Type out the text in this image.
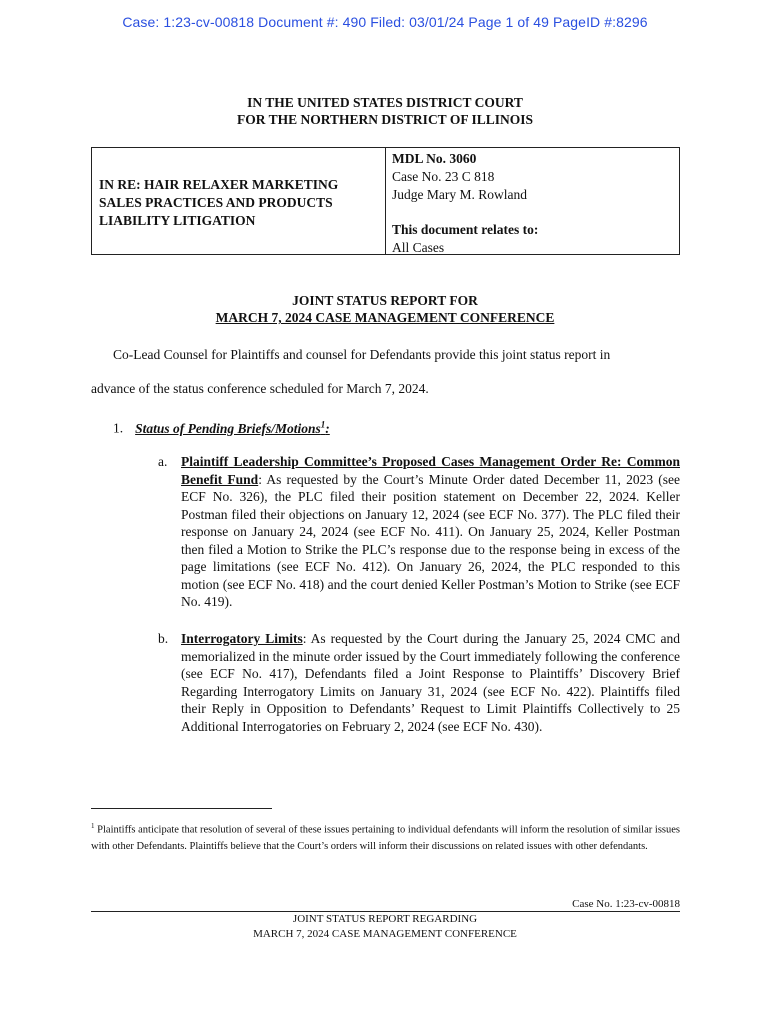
Case: 1:23-cv-00818 Document #: 490 Filed: 03/01/24 Page 1 of 49 PageID #:8296
IN THE UNITED STATES DISTRICT COURT
FOR THE NORTHERN DISTRICT OF ILLINOIS
IN RE: HAIR RELAXER MARKETING
SALES PRACTICES AND PRODUCTS
LIABILITY LITIGATION
MDL No. 3060
Case No. 23 C 818
Judge Mary M. Rowland
This document relates to:
All Cases
JOINT STATUS REPORT FOR
MARCH 7, 2024 CASE MANAGEMENT CONFERENCE
Co-Lead Counsel for Plaintiffs and counsel for Defendants provide this joint status report in
advance of the status conference scheduled for March 7, 2024.
1. Status of Pending Briefs/Motions$^1$:
a. Plaintiff Leadership Committee’s Proposed Cases Management Order Re: Common Benefit Fund: As requested by the Court’s Minute Order dated December 11, 2023 (see ECF No. 326), the PLC filed their position statement on December 22, 2024. Keller Postman filed their objections on January 12, 2024 (see ECF No. 377). The PLC filed their response on January 24, 2024 (see ECF No. 411). On January 25, 2024, Keller Postman then filed a Motion to Strike the PLC’s response due to the response being in excess of the page limitations (see ECF No. 412). On January 26, 2024, the PLC responded to this motion (see ECF No. 418) and the court denied Keller Postman’s Motion to Strike (see ECF No. 419).
b. Interrogatory Limits: As requested by the Court during the January 25, 2024 CMC and memorialized in the minute order issued by the Court immediately following the conference (see ECF No. 417), Defendants filed a Joint Response to Plaintiffs’ Discovery Brief Regarding Interrogatory Limits on January 31, 2024 (see ECF No. 422). Plaintiffs filed their Reply in Opposition to Defendants’ Request to Limit Plaintiffs Collectively to 25 Additional Interrogatories on February 2, 2024 (see ECF No. 430).
$^1$ Plaintiffs anticipate that resolution of several of these issues pertaining to individual defendants will inform the resolution of similar issues with other Defendants. Plaintiffs believe that the Court’s orders will inform their discussions on related issues with other defendants.
Case No. 1:23-cv-00818
JOINT STATUS REPORT REGARDING
MARCH 7, 2024 CASE MANAGEMENT CONFERENCE
